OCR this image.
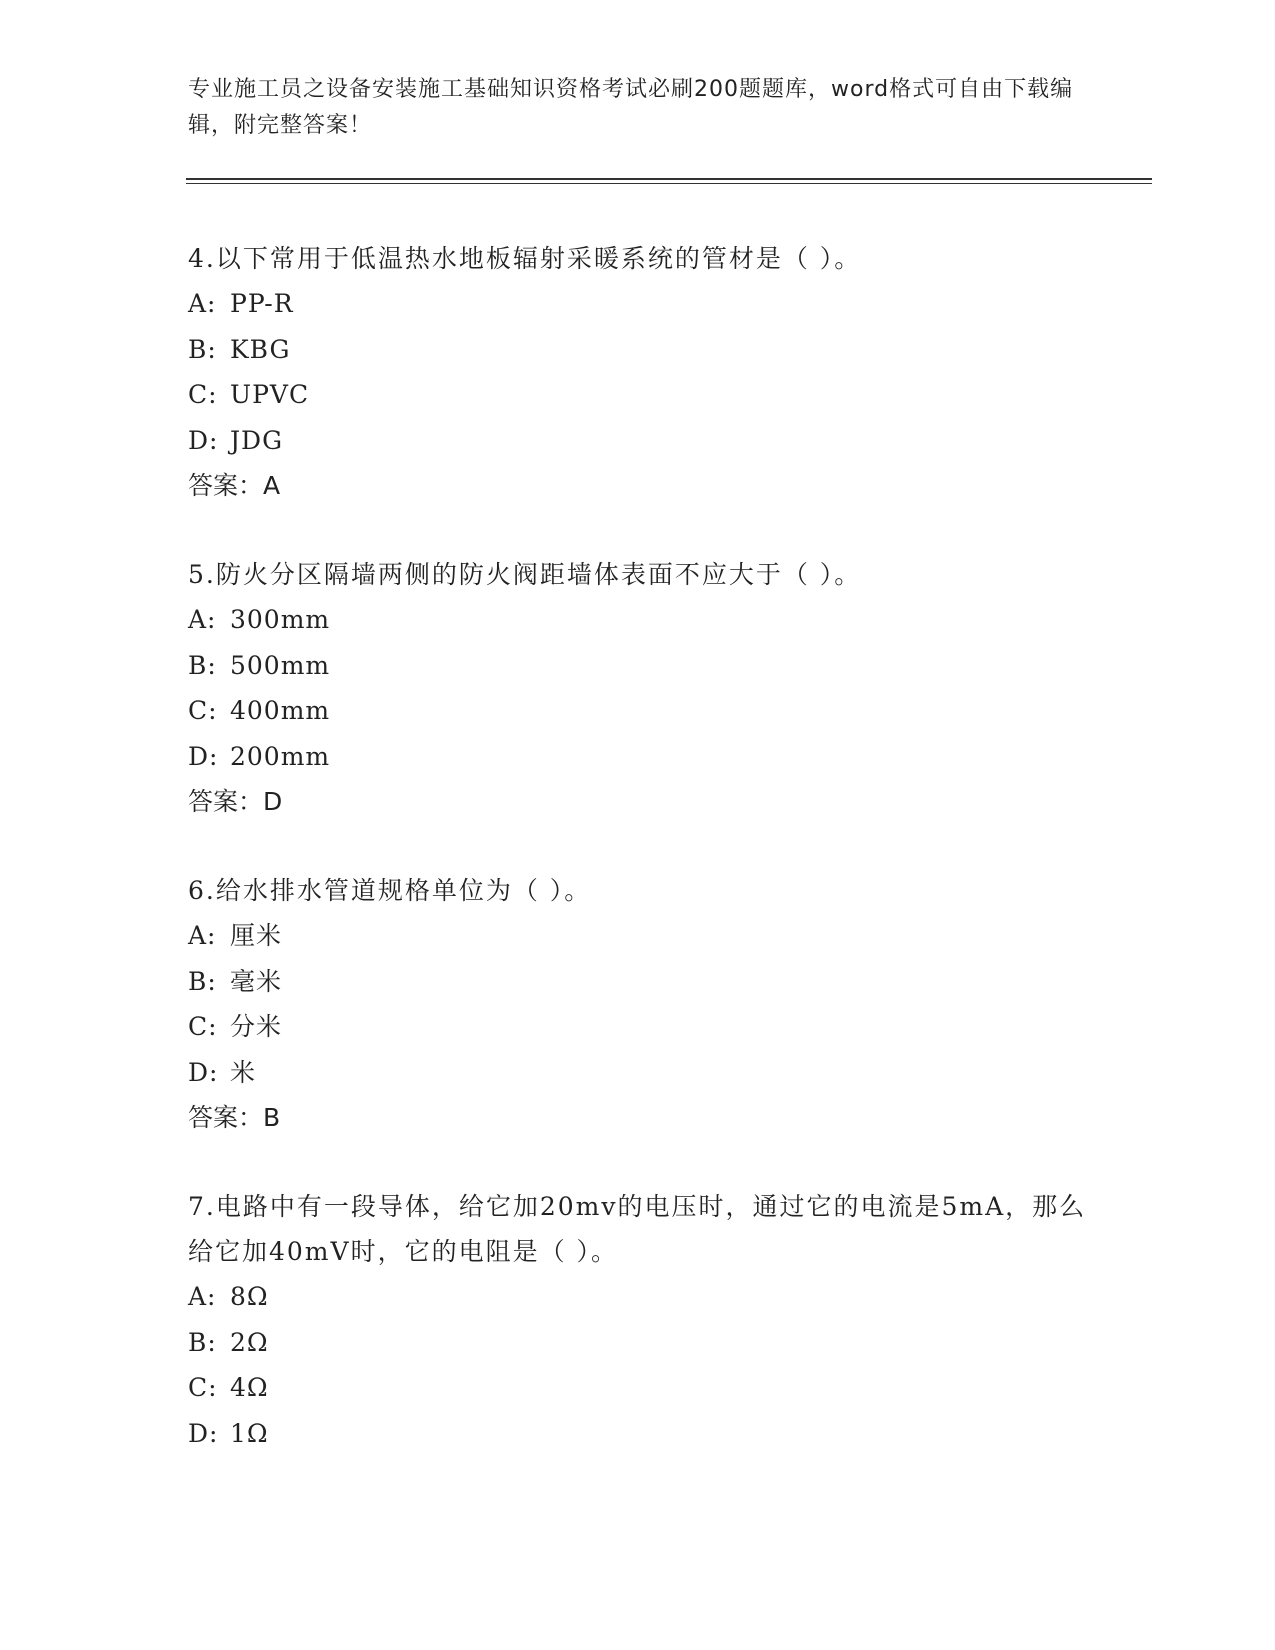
专业施工员之设备安装施工基础知识资格考试必刷200题题库，word格式可自由下载编辑，附完整答案！

4.以下常用于低温热水地板辐射采暖系统的管材是（ ）。

A: PP-R
B: KBG
C: UPVC
D: JDG
答案：A

5.防火分区隔墙两侧的防火阀距墙体表面不应大于（ ）。

A: 300mm
B: 500mm
C: 400mm
D: 200mm
答案：D

6.给水排水管道规格单位为（ ）。

A: 厘米
B: 毫米
C: 分米
D: 米
答案：B

7.电路中有一段导体，给它加20mv的电压时，通过它的电流是5mA，那么给它加40mV时，它的电阻是（ ）。

A: 8Ω
B: 2Ω
C: 4Ω
D: 1Ω
